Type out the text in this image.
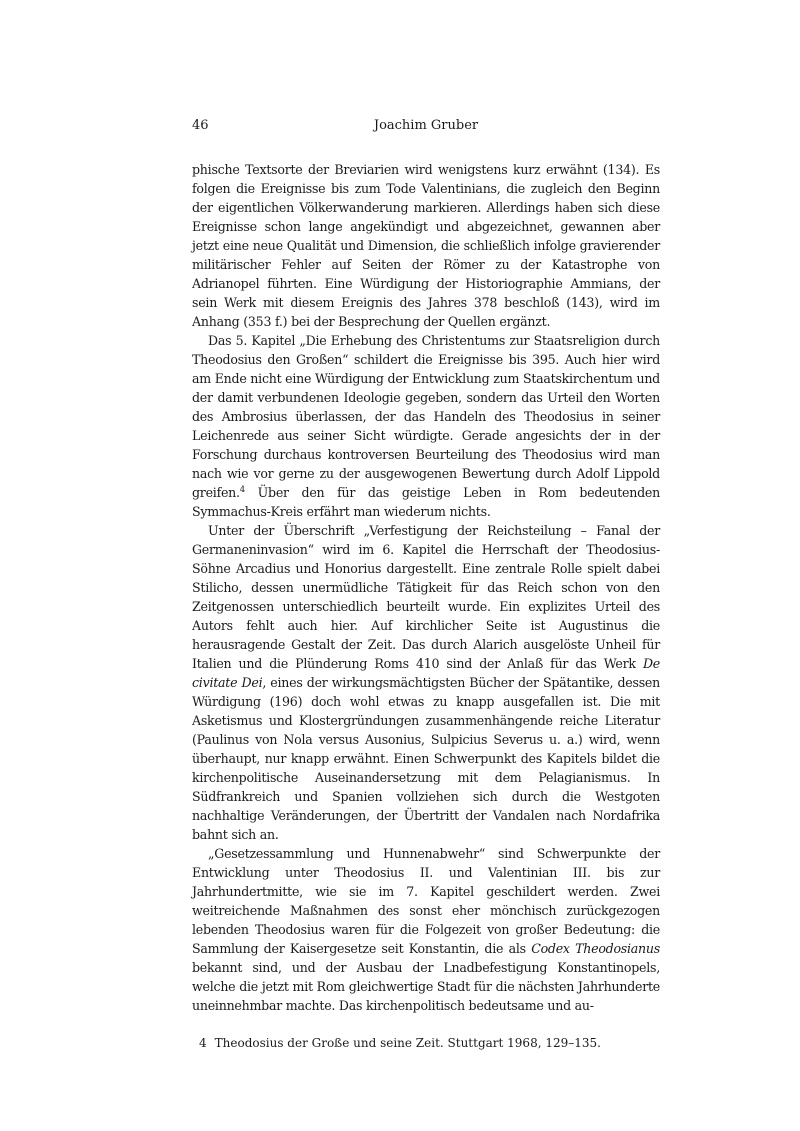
46	Joachim Gruber

phische Textsorte der Breviarien wird wenigstens kurz erwähnt (134). Es folgen die Ereignisse bis zum Tode Valentinians, die zugleich den Beginn der eigentlichen Völkerwanderung markieren. Allerdings haben sich diese Ereignisse schon lange angekündigt und abgezeichnet, gewannen aber jetzt eine neue Qualität und Dimension, die schließlich infolge gravierender militärischer Fehler auf Seiten der Römer zu der Katastrophe von Adrianopel führten. Eine Würdigung der Historiographie Ammians, der sein Werk mit diesem Ereignis des Jahres 378 beschloß (143), wird im Anhang (353 f.) bei der Besprechung der Quellen ergänzt.

Das 5. Kapitel „Die Erhebung des Christentums zur Staatsreligion durch Theodosius den Großen“ schildert die Ereignisse bis 395. Auch hier wird am Ende nicht eine Würdigung der Entwicklung zum Staatskirchentum und der damit verbundenen Ideologie gegeben, sondern das Urteil den Worten des Ambrosius überlassen, der das Handeln des Theodosius in seiner Leichenrede aus seiner Sicht würdigte. Gerade angesichts der in der Forschung durchaus kontroversen Beurteilung des Theodosius wird man nach wie vor gerne zu der ausgewogenen Bewertung durch Adolf Lippold greifen.$^4$ Über den für das geistige Leben in Rom bedeutenden Symmachus-Kreis erfährt man wiederum nichts.

Unter der Überschrift „Verfestigung der Reichsteilung – Fanal der Germaneninvasion“ wird im 6. Kapitel die Herrschaft der Theodosius-Söhne Arcadius und Honorius dargestellt. Eine zentrale Rolle spielt dabei Stilicho, dessen unermüdliche Tätigkeit für das Reich schon von den Zeitgenossen unterschiedlich beurteilt wurde. Ein explizites Urteil des Autors fehlt auch hier. Auf kirchlicher Seite ist Augustinus die herausragende Gestalt der Zeit. Das durch Alarich ausgelöste Unheil für Italien und die Plünderung Roms 410 sind der Anlaß für das Werk De civitate Dei, eines der wirkungsmächtigsten Bücher der Spätantike, dessen Würdigung (196) doch wohl etwas zu knapp ausgefallen ist. Die mit Asketismus und Klostergründungen zusammenhängende reiche Literatur (Paulinus von Nola versus Ausonius, Sulpicius Severus u. a.) wird, wenn überhaupt, nur knapp erwähnt. Einen Schwerpunkt des Kapitels bildet die kirchenpolitische Auseinandersetzung mit dem Pelagianismus. In Südfrankreich und Spanien vollziehen sich durch die Westgoten nachhaltige Veränderungen, der Übertritt der Vandalen nach Nordafrika bahnt sich an.

„Gesetzessammlung und Hunnenabwehr“ sind Schwerpunkte der Entwicklung unter Theodosius II. und Valentinian III. bis zur Jahrhundertmitte, wie sie im 7. Kapitel geschildert werden. Zwei weitreichende Maßnahmen des sonst eher mönchisch zurückgezogen lebenden Theodosius waren für die Folgezeit von großer Bedeutung: die Sammlung der Kaisergesetze seit Konstantin, die als Codex Theodosianus bekannt sind, und der Ausbau der Lnadbefestigung Konstantinopels, welche die jetzt mit Rom gleichwertige Stadt für die nächsten Jahrhunderte uneinnehmbar machte. Das kirchenpolitisch bedeutsame und au-

4 Theodosius der Große und seine Zeit. Stuttgart 1968, 129–135.
